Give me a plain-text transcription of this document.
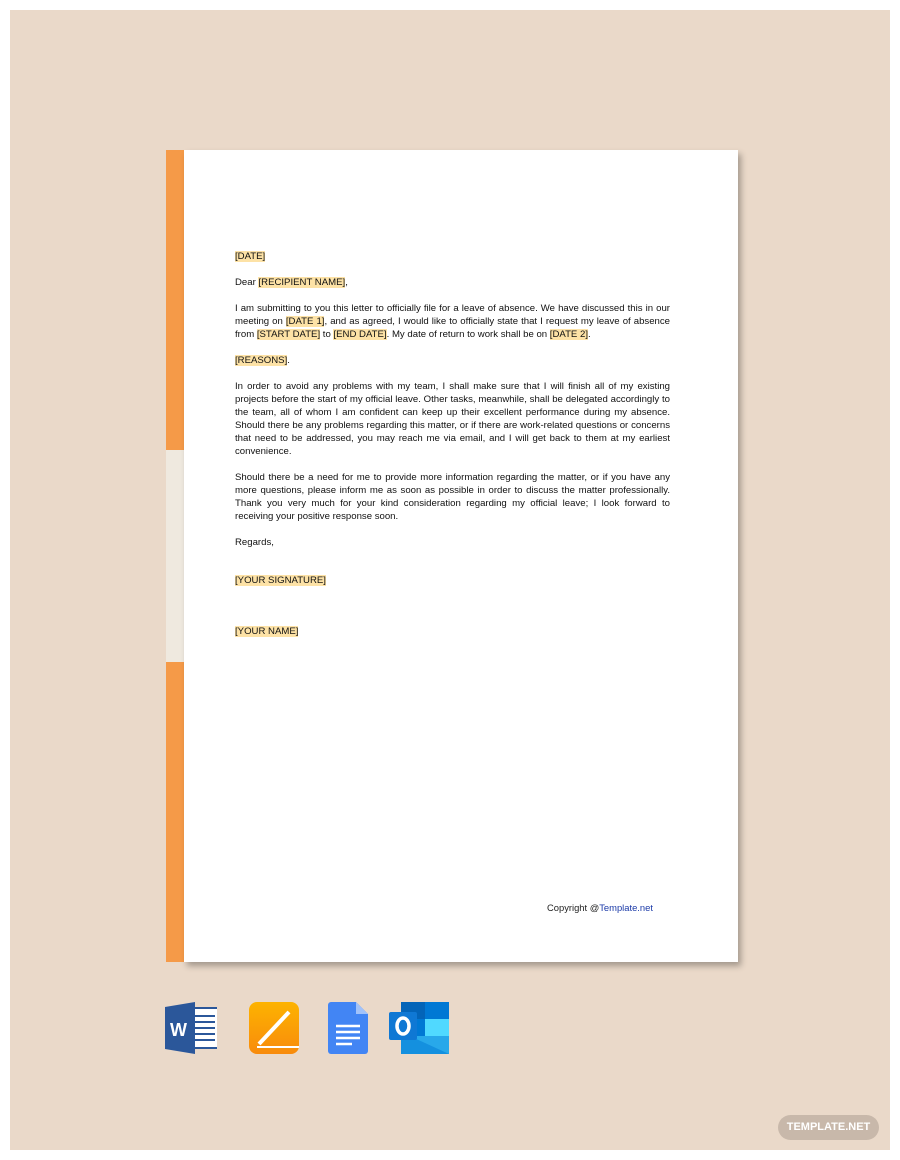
[DATE]

Dear [RECIPIENT NAME],

I am submitting to you this letter to officially file for a leave of absence. We have discussed this in our meeting on [DATE 1], and as agreed, I would like to officially state that I request my leave of absence from [START DATE] to [END DATE]. My date of return to work shall be on [DATE 2].

[REASONS].

In order to avoid any problems with my team, I shall make sure that I will finish all of my existing projects before the start of my official leave. Other tasks, meanwhile, shall be delegated accordingly to the team, all of whom I am confident can keep up their excellent performance during my absence. Should there be any problems regarding this matter, or if there are work-related questions or concerns that need to be addressed, you may reach me via email, and I will get back to them at my earliest convenience.

Should there be a need for me to provide more information regarding the matter, or if you have any more questions, please inform me as soon as possible in order to discuss the matter professionally. Thank you very much for your kind consideration regarding my official leave; I look forward to receiving your positive response soon.

Regards,

[YOUR SIGNATURE]

[YOUR NAME]

Copyright @Template.net
W
TEMPLATE.NET
